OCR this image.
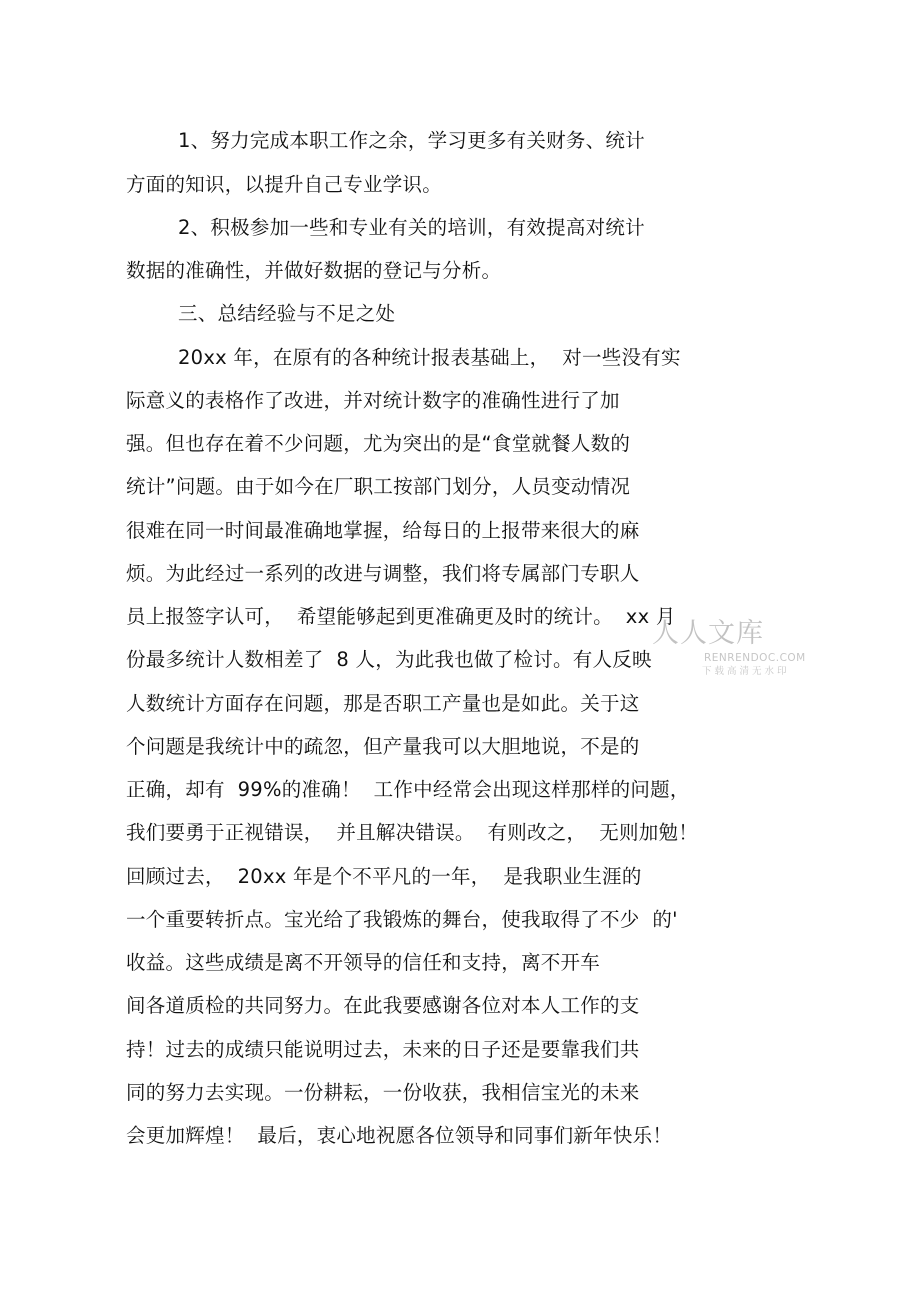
1、努力完成本职工作之余，学习更多有关财务、统计
方面的知识，以提升自己专业学识。
2、积极参加一些和专业有关的培训，有效提高对统计
数据的准确性，并做好数据的登记与分析。
三、总结经验与不足之处
20xx 年，在原有的各种统计报表基础上，  对一些没有实
际意义的表格作了改进，并对统计数字的准确性进行了加
强。但也存在着不少问题，尤为突出的是“食堂就餐人数的
统计”问题。由于如今在厂职工按部门划分，人员变动情况
很难在同一时间最准确地掌握，给每日的上报带来很大的麻
烦。为此经过一系列的改进与调整，我们将专属部门专职人
员上报签字认可，  希望能够起到更准确更及时的统计。  xx 月
份最多统计人数相差了  8 人，为此我也做了检讨。有人反映
人数统计方面存在问题，那是否职工产量也是如此。关于这
个问题是我统计中的疏忽，但产量我可以大胆地说，不是的
正确，却有  99%的准确！  工作中经常会出现这样那样的问题，
我们要勇于正视错误，  并且解决错误。  有则改之，  无则加勉！
回顾过去，  20xx 年是个不平凡的一年，  是我职业生涯的
一个重要转折点。宝光给了我锻炼的舞台，使我取得了不少  的'
收益。这些成绩是离不开领导的信任和支持，离不开车
间各道质检的共同努力。在此我要感谢各位对本人工作的支
持！过去的成绩只能说明过去，未来的日子还是要靠我们共
同的努力去实现。一份耕耘，一份收获，我相信宝光的未来
会更加辉煌！  最后，衷心地祝愿各位领导和同事们新年快乐！
人人文库
RENRENDOC.COM
下载高清无水印
